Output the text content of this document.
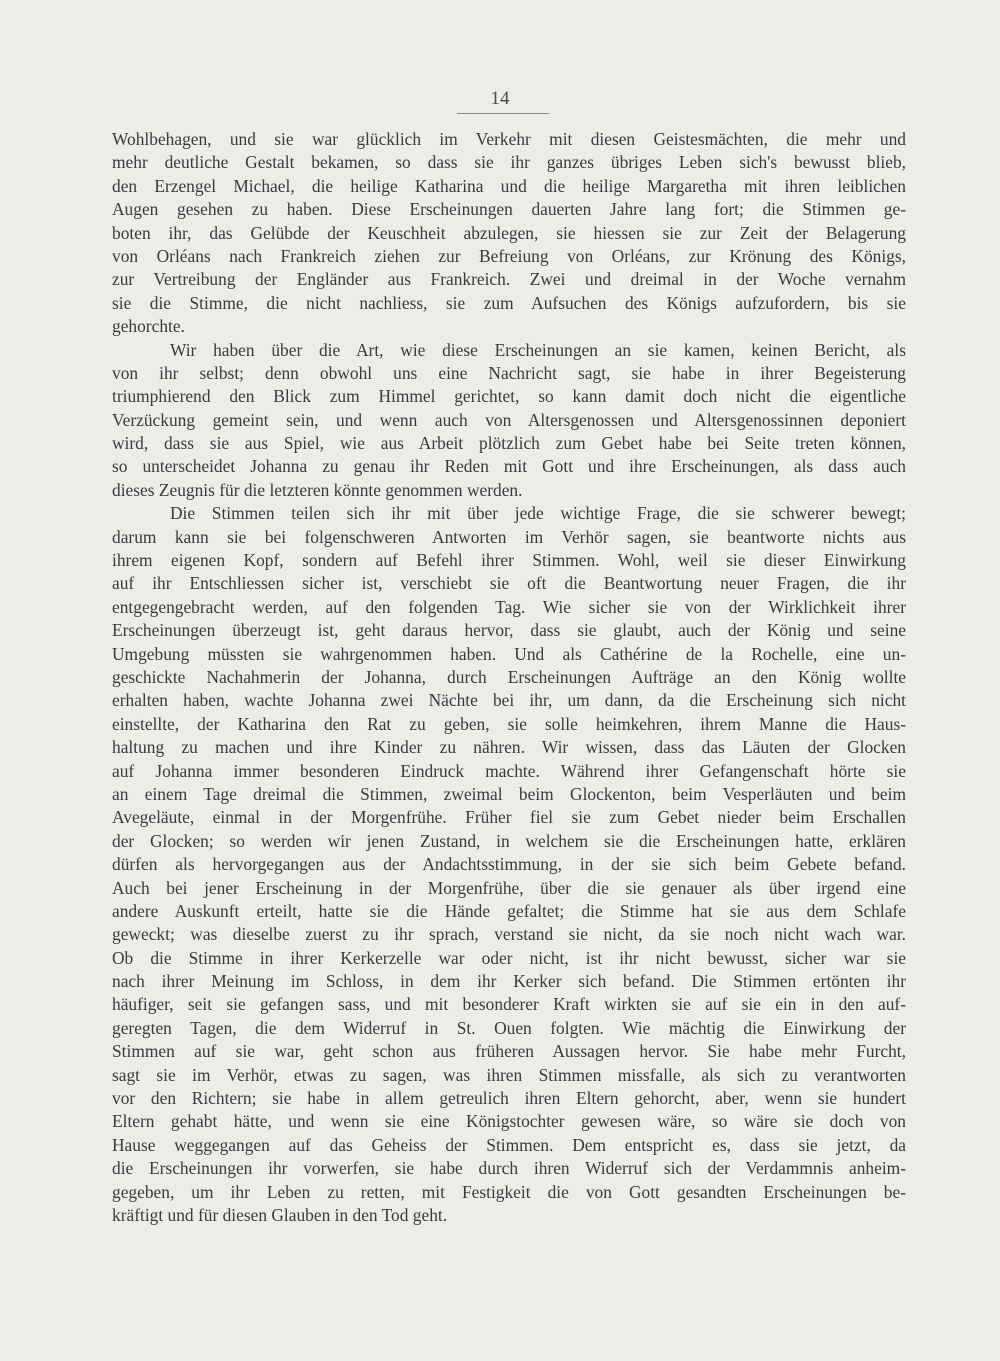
14
Wohlbehagen, und sie war glücklich im Verkehr mit diesen Geistesmächten, die mehr und
mehr deutliche Gestalt bekamen, so dass sie ihr ganzes übriges Leben sich's bewusst blieb,
den Erzengel Michael, die heilige Katharina und die heilige Margaretha mit ihren leiblichen
Augen gesehen zu haben. Diese Erscheinungen dauerten Jahre lang fort; die Stimmen ge-
boten ihr, das Gelübde der Keuschheit abzulegen, sie hiessen sie zur Zeit der Belagerung
von Orléans nach Frankreich ziehen zur Befreiung von Orléans, zur Krönung des Königs,
zur Vertreibung der Engländer aus Frankreich. Zwei und dreimal in der Woche vernahm
sie die Stimme, die nicht nachliess, sie zum Aufsuchen des Königs aufzufordern, bis sie
gehorchte.
Wir haben über die Art, wie diese Erscheinungen an sie kamen, keinen Bericht, als
von ihr selbst; denn obwohl uns eine Nachricht sagt, sie habe in ihrer Begeisterung
triumphierend den Blick zum Himmel gerichtet, so kann damit doch nicht die eigentliche
Verzückung gemeint sein, und wenn auch von Altersgenossen und Altersgenossinnen deponiert
wird, dass sie aus Spiel, wie aus Arbeit plötzlich zum Gebet habe bei Seite treten können,
so unterscheidet Johanna zu genau ihr Reden mit Gott und ihre Erscheinungen, als dass auch
dieses Zeugnis für die letzteren könnte genommen werden.
Die Stimmen teilen sich ihr mit über jede wichtige Frage, die sie schwerer bewegt;
darum kann sie bei folgenschweren Antworten im Verhör sagen, sie beantworte nichts aus
ihrem eigenen Kopf, sondern auf Befehl ihrer Stimmen. Wohl, weil sie dieser Einwirkung
auf ihr Entschliessen sicher ist, verschiebt sie oft die Beantwortung neuer Fragen, die ihr
entgegengebracht werden, auf den folgenden Tag. Wie sicher sie von der Wirklichkeit ihrer
Erscheinungen überzeugt ist, geht daraus hervor, dass sie glaubt, auch der König und seine
Umgebung müssten sie wahrgenommen haben. Und als Cathérine de la Rochelle, eine un-
geschickte Nachahmerin der Johanna, durch Erscheinungen Aufträge an den König wollte
erhalten haben, wachte Johanna zwei Nächte bei ihr, um dann, da die Erscheinung sich nicht
einstellte, der Katharina den Rat zu geben, sie solle heimkehren, ihrem Manne die Haus-
haltung zu machen und ihre Kinder zu nähren. Wir wissen, dass das Läuten der Glocken
auf Johanna immer besonderen Eindruck machte. Während ihrer Gefangenschaft hörte sie
an einem Tage dreimal die Stimmen, zweimal beim Glockenton, beim Vesperläuten und beim
Avegeläute, einmal in der Morgenfrühe. Früher fiel sie zum Gebet nieder beim Erschallen
der Glocken; so werden wir jenen Zustand, in welchem sie die Erscheinungen hatte, erklären
dürfen als hervorgegangen aus der Andachtsstimmung, in der sie sich beim Gebete befand.
Auch bei jener Erscheinung in der Morgenfrühe, über die sie genauer als über irgend eine
andere Auskunft erteilt, hatte sie die Hände gefaltet; die Stimme hat sie aus dem Schlafe
geweckt; was dieselbe zuerst zu ihr sprach, verstand sie nicht, da sie noch nicht wach war.
Ob die Stimme in ihrer Kerkerzelle war oder nicht, ist ihr nicht bewusst, sicher war sie
nach ihrer Meinung im Schloss, in dem ihr Kerker sich befand. Die Stimmen ertönten ihr
häufiger, seit sie gefangen sass, und mit besonderer Kraft wirkten sie auf sie ein in den auf-
geregten Tagen, die dem Widerruf in St. Ouen folgten. Wie mächtig die Einwirkung der
Stimmen auf sie war, geht schon aus früheren Aussagen hervor. Sie habe mehr Furcht,
sagt sie im Verhör, etwas zu sagen, was ihren Stimmen missfalle, als sich zu verantworten
vor den Richtern; sie habe in allem getreulich ihren Eltern gehorcht, aber, wenn sie hundert
Eltern gehabt hätte, und wenn sie eine Königstochter gewesen wäre, so wäre sie doch von
Hause weggegangen auf das Geheiss der Stimmen. Dem entspricht es, dass sie jetzt, da
die Erscheinungen ihr vorwerfen, sie habe durch ihren Widerruf sich der Verdammnis anheim-
gegeben, um ihr Leben zu retten, mit Festigkeit die von Gott gesandten Erscheinungen be-
kräftigt und für diesen Glauben in den Tod geht.
